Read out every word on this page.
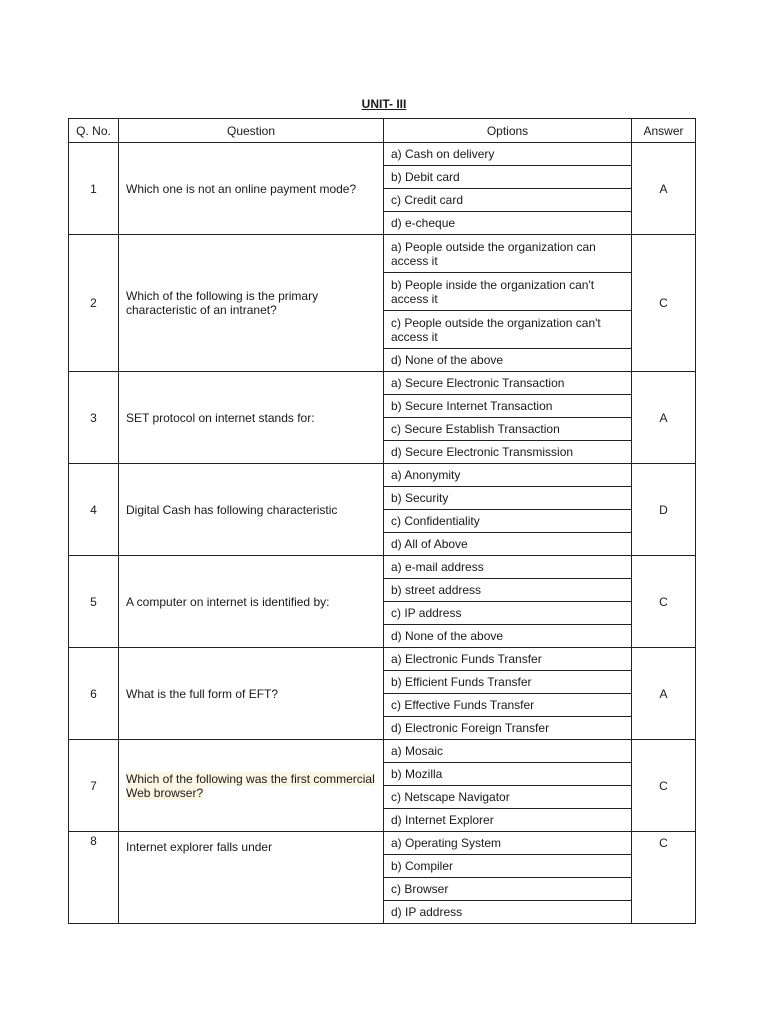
UNIT- III
Q. No.	Question	Options	Answer
1	Which one is not an online payment mode?	a) Cash on delivery	A
		b) Debit card	
		c) Credit card	
		d) e-cheque	
2	Which of the following is the primary characteristic of an intranet?	a) People outside the organization can access it	C
		b) People inside the organization can't access it	
		c) People outside the organization can't access it	
		d) None of the above	
3	SET protocol on internet stands for:	a) Secure Electronic Transaction	A
		b) Secure Internet Transaction	
		c) Secure Establish Transaction	
		d) Secure Electronic Transmission	
4	Digital Cash has following characteristic	a) Anonymity	D
		b) Security	
		c) Confidentiality	
		d) All of Above	
5	A computer on internet is identified by:	a) e-mail address	C
		b) street address	
		c) IP address	
		d) None of the above	
6	What is the full form of EFT?	a) Electronic Funds Transfer	A
		b) Efficient Funds Transfer	
		c) Effective Funds Transfer	
		d) Electronic Foreign Transfer	
7	Which of the following was the first commercial Web browser?	a) Mosaic	C
		b) Mozilla	
		c) Netscape Navigator	
		d) Internet Explorer	
8	Internet explorer falls under	a) Operating System	C
		b) Compiler	
		c) Browser	
		d) IP address	
